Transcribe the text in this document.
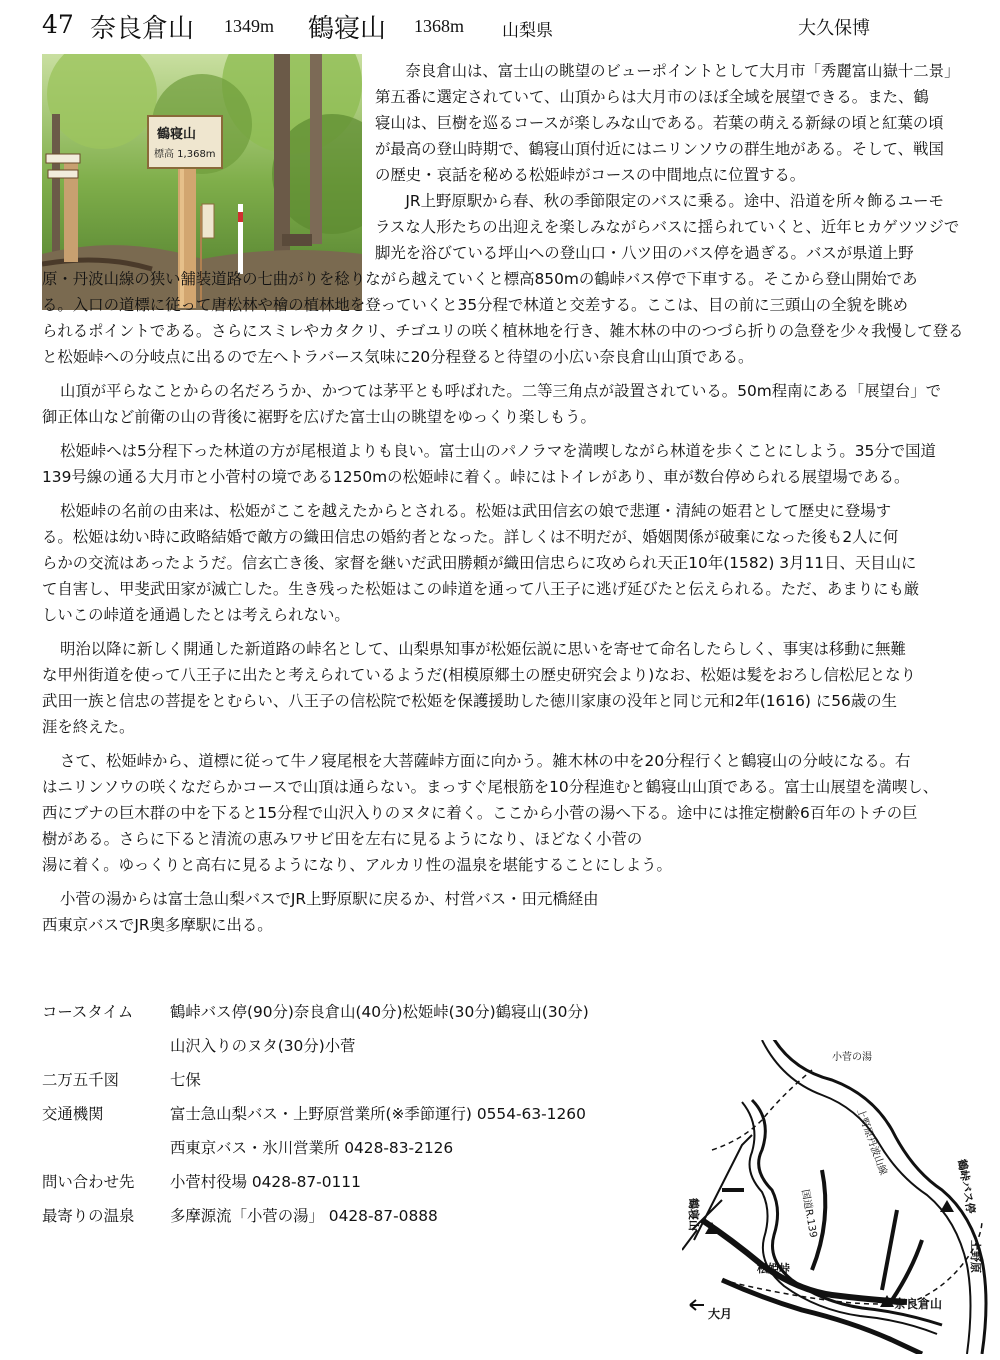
47 奈良倉山 1349m 鶴寝山 1368m 山梨県	大久保博
鶴寝山
標高 1,368m
奈良倉山は、富士山の眺望のビューポイントとして大月市「秀麗富山嶽十二景」
第五番に選定されていて、山頂からは大月市のほぼ全域を展望できる。また、鶴
寝山は、巨樹を巡るコースが楽しみな山である。若葉の萌える新緑の頃と紅葉の頃
が最高の登山時期で、鶴寝山頂付近にはニリンソウの群生地がある。そして、戦国
の歴史・哀話を秘める松姫峠がコースの中間地点に位置する。
JR上野原駅から春、秋の季節限定のバスに乗る。途中、沿道を所々飾るユーモ
ラスな人形たちの出迎えを楽しみながらバスに揺られていくと、近年ヒカゲツツジで
脚光を浴びている坪山への登山口・八ツ田のバス停を過ぎる。バスが県道上野
原・丹波山線の狭い舗装道路の七曲がりを稔りながら越えていくと標高850mの鶴峠バス停で下車する。そこから登山開始であ
る。入口の道標に従って唐松林や檜の植林地を登っていくと35分程で林道と交差する。ここは、目の前に三頭山の全貌を眺め
られるポイントである。さらにスミレやカタクリ、チゴユリの咲く植林地を行き、雑木林の中のつづら折りの急登を少々我慢して登る
と松姫峠への分岐点に出るので左へトラバース気味に20分程登ると待望の小広い奈良倉山山頂である。
山頂が平らなことからの名だろうか、かつては茅平とも呼ばれた。二等三角点が設置されている。50m程南にある「展望台」で
御正体山など前衛の山の背後に裾野を広げた富士山の眺望をゆっくり楽しもう。
松姫峠へは5分程下った林道の方が尾根道よりも良い。富士山のパノラマを満喫しながら林道を歩くことにしよう。35分で国道
139号線の通る大月市と小菅村の境である1250mの松姫峠に着く。峠にはトイレがあり、車が数台停められる展望場である。
松姫峠の名前の由来は、松姫がここを越えたからとされる。松姫は武田信玄の娘で悲運・清純の姫君として歴史に登場す
る。松姫は幼い時に政略結婚で敵方の織田信忠の婚約者となった。詳しくは不明だが、婚姻関係が破棄になった後も2人に何
らかの交流はあったようだ。信玄亡き後、家督を継いだ武田勝頼が織田信忠らに攻められ天正10年(1582) 3月11日、天目山に
て自害し、甲斐武田家が滅亡した。生き残った松姫はこの峠道を通って八王子に逃げ延びたと伝えられる。ただ、あまりにも厳
しいこの峠道を通過したとは考えられない。
明治以降に新しく開通した新道路の峠名として、山梨県知事が松姫伝説に思いを寄せて命名したらしく、事実は移動に無難
な甲州街道を使って八王子に出たと考えられているようだ(相模原郷土の歴史研究会より)なお、松姫は髪をおろし信松尼となり
武田一族と信忠の菩提をとむらい、八王子の信松院で松姫を保護援助した徳川家康の没年と同じ元和2年(1616) に56歳の生
涯を終えた。
さて、松姫峠から、道標に従って牛ノ寝尾根を大菩薩峠方面に向かう。雑木林の中を20分程行くと鶴寝山の分岐になる。右
はニリンソウの咲くなだらかコースで山頂は通らない。まっすぐ尾根筋を10分程進むと鶴寝山山頂である。富士山展望を満喫し、
西にブナの巨木群の中を下ると15分程で山沢入りのヌタに着く。ここから小菅の湯へ下る。途中には推定樹齢6百年のトチの巨
樹がある。さらに下ると清流の恵みワサビ田を左右に見るようになり、ほどなく小菅の
湯に着く。ゆっくりと高右に見るようになり、アルカリ性の温泉を堪能することにしよう。
小菅の湯からは富士急山梨バスでJR上野原駅に戻るか、村営バス・田元橋経由
西東京バスでJR奥多摩駅に出る。
コースタイム 鶴峠バス停(90分)奈良倉山(40分)松姫峠(30分)鶴寝山(30分)
山沢入りのヌタ(30分)小菅
二万五千図	七保
交通機関	富士急山梨バス・上野原営業所(※季節運行) 0554-63-1260
西東京バス・氷川営業所 0428-83-2126
問い合わせ先 小菅村役場 0428-87-0111
最寄りの温泉 多摩源流「小菅の湯」 0428-87-0888
小菅の湯
国道R.139
上野原丹波山線
鶴寝山
松姫峠
鶴峠バス停
上野原
奈良倉山
大月
